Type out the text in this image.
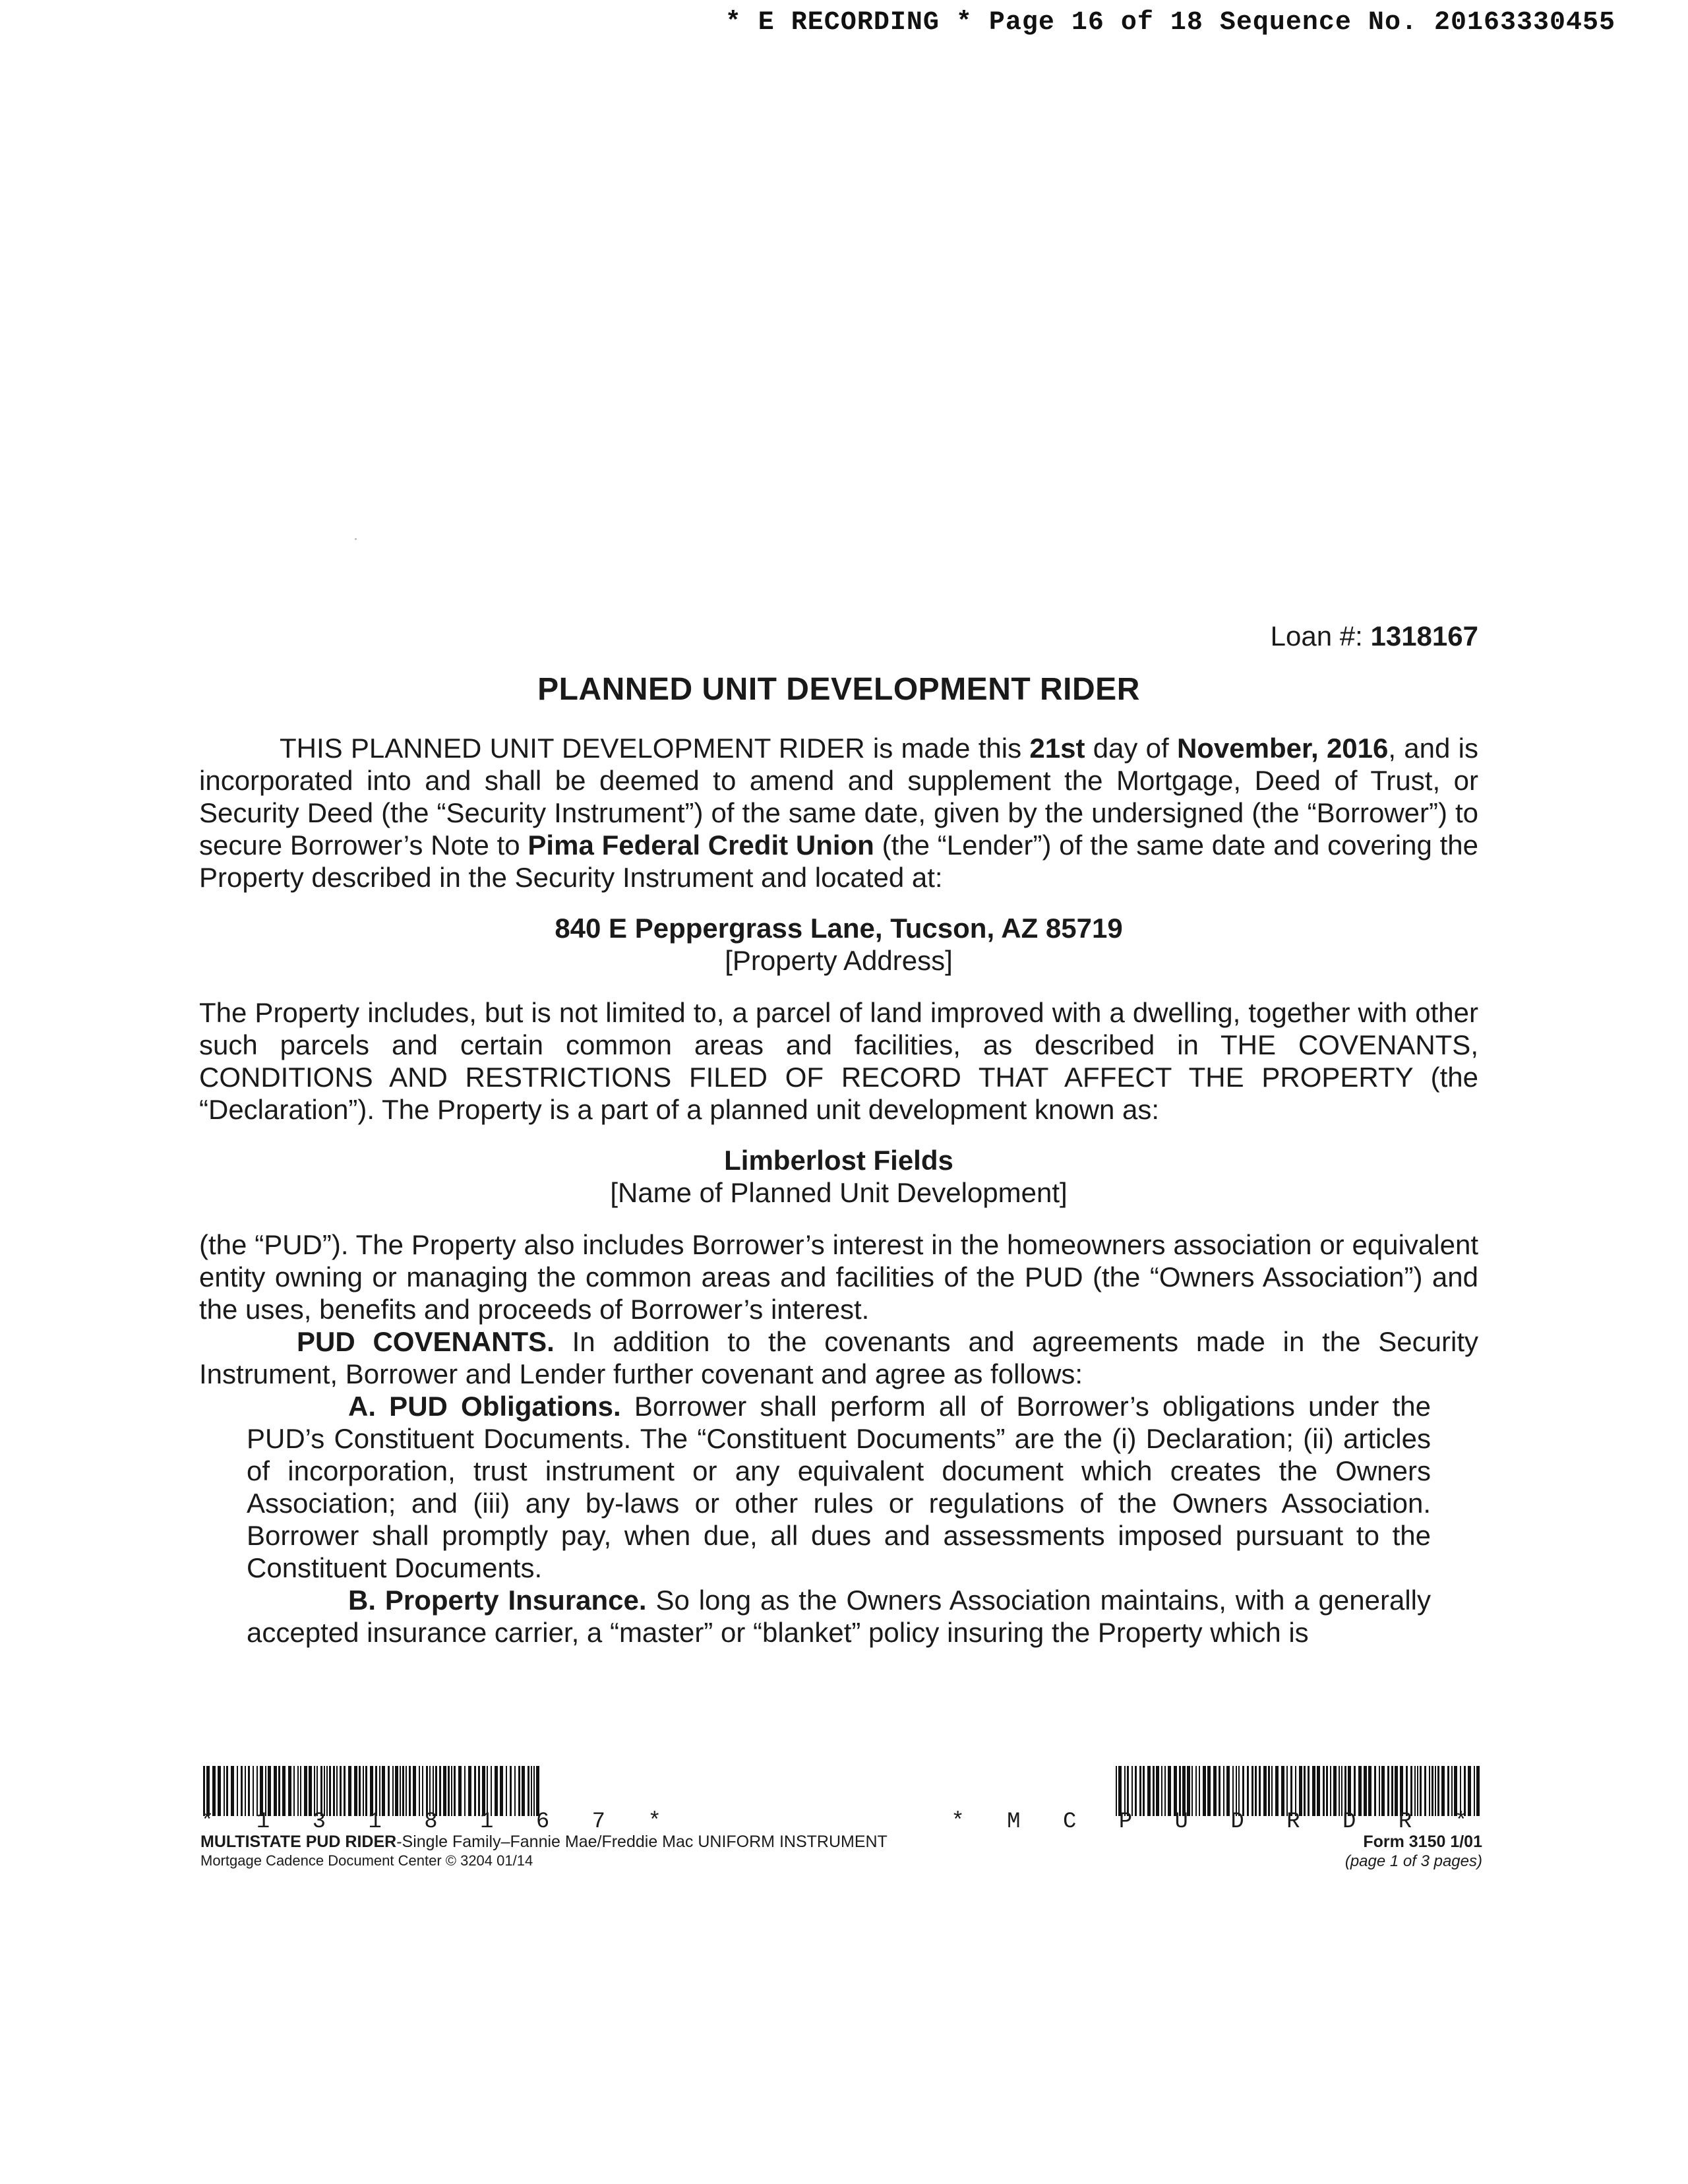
* E RECORDING * Page 16 of 18 Sequence No. 20163330455

Loan #: 1318167

PLANNED UNIT DEVELOPMENT RIDER

THIS PLANNED UNIT DEVELOPMENT RIDER is made this 21st day of November, 2016, and is incorporated into and shall be deemed to amend and supplement the Mortgage, Deed of Trust, or Security Deed (the “Security Instrument”) of the same date, given by the undersigned (the “Borrower”) to secure Borrower’s Note to Pima Federal Credit Union (the “Lender”) of the same date and covering the Property described in the Security Instrument and located at:

840 E Peppergrass Lane, Tucson, AZ 85719
[Property Address]

The Property includes, but is not limited to, a parcel of land improved with a dwelling, together with other such parcels and certain common areas and facilities, as described in THE COVENANTS, CONDITIONS AND RESTRICTIONS FILED OF RECORD THAT AFFECT THE PROPERTY (the “Declaration”). The Property is a part of a planned unit development known as:

Limberlost Fields
[Name of Planned Unit Development]

(the “PUD”). The Property also includes Borrower’s interest in the homeowners association or equivalent entity owning or managing the common areas and facilities of the PUD (the “Owners Association”) and the uses, benefits and proceeds of Borrower’s interest.

PUD COVENANTS. In addition to the covenants and agreements made in the Security Instrument, Borrower and Lender further covenant and agree as follows:

A. PUD Obligations. Borrower shall perform all of Borrower’s obligations under the PUD’s Constituent Documents. The “Constituent Documents” are the (i) Declaration; (ii) articles of incorporation, trust instrument or any equivalent document which creates the Owners Association; and (iii) any by-laws or other rules or regulations of the Owners Association. Borrower shall promptly pay, when due, all dues and assessments imposed pursuant to the Constituent Documents.

B. Property Insurance. So long as the Owners Association maintains, with a generally accepted insurance carrier, a “master” or “blanket” policy insuring the Property which is

* 1 3 1 8 1 6 7 *
MULTISTATE PUD RIDER-Single Family–Fannie Mae/Freddie Mac UNIFORM INSTRUMENT
Mortgage Cadence Document Center © 3204 01/14
* M C P U D R D R *
Form 3150 1/01
(page 1 of 3 pages)
